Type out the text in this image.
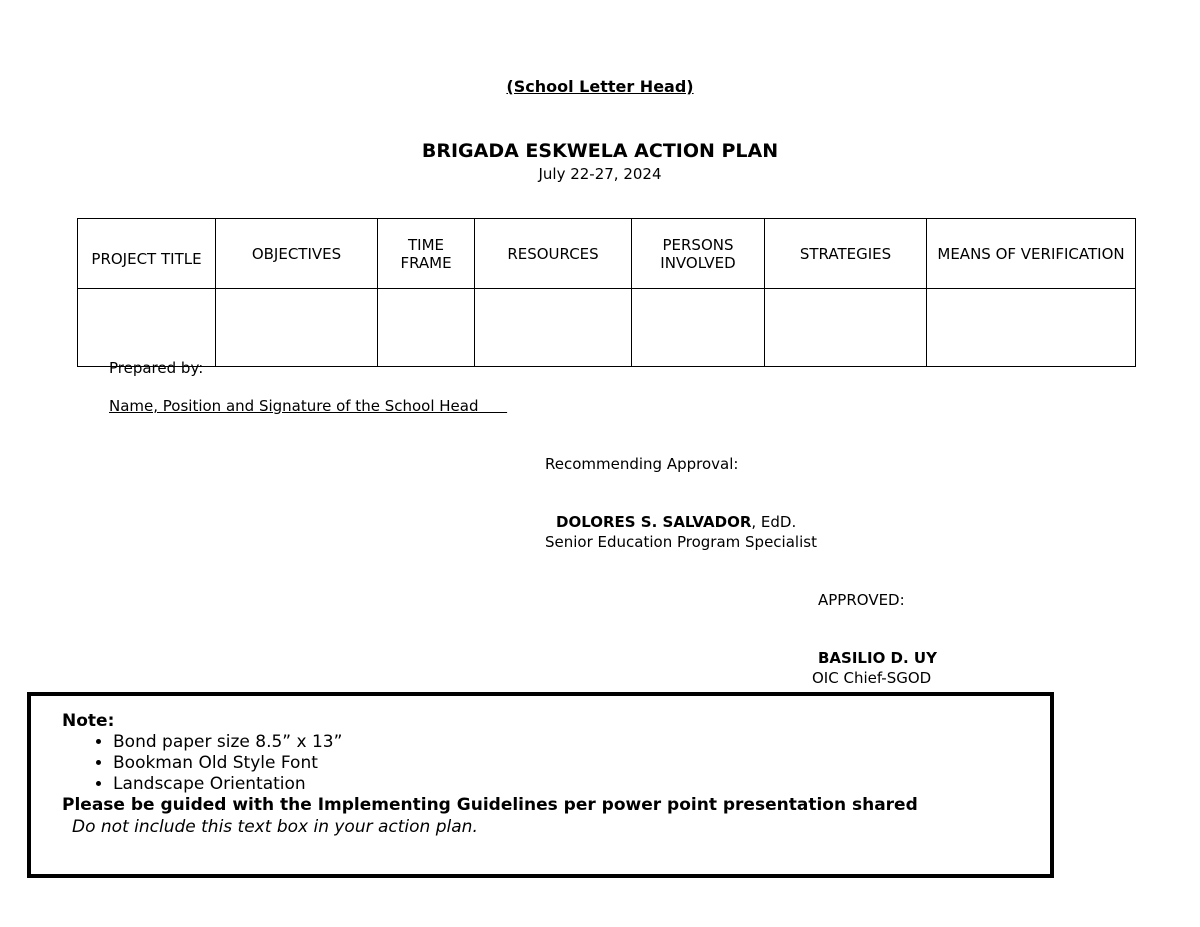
(School Letter Head)
BRIGADA ESKWELA ACTION PLAN
July 22-27, 2024
PROJECT TITLE	OBJECTIVES	TIME FRAME	RESOURCES	PERSONS INVOLVED	STRATEGIES	MEANS OF VERIFICATION

Prepared by:
Name, Position and Signature of the School Head
Recommending Approval:
DOLORES S. SALVADOR, EdD.
Senior Education Program Specialist
APPROVED:
BASILIO D. UY
OIC Chief-SGOD
Note:
• Bond paper size 8.5” x 13”
• Bookman Old Style Font
• Landscape Orientation
Please be guided with the Implementing Guidelines per power point presentation shared
Do not include this text box in your action plan.
